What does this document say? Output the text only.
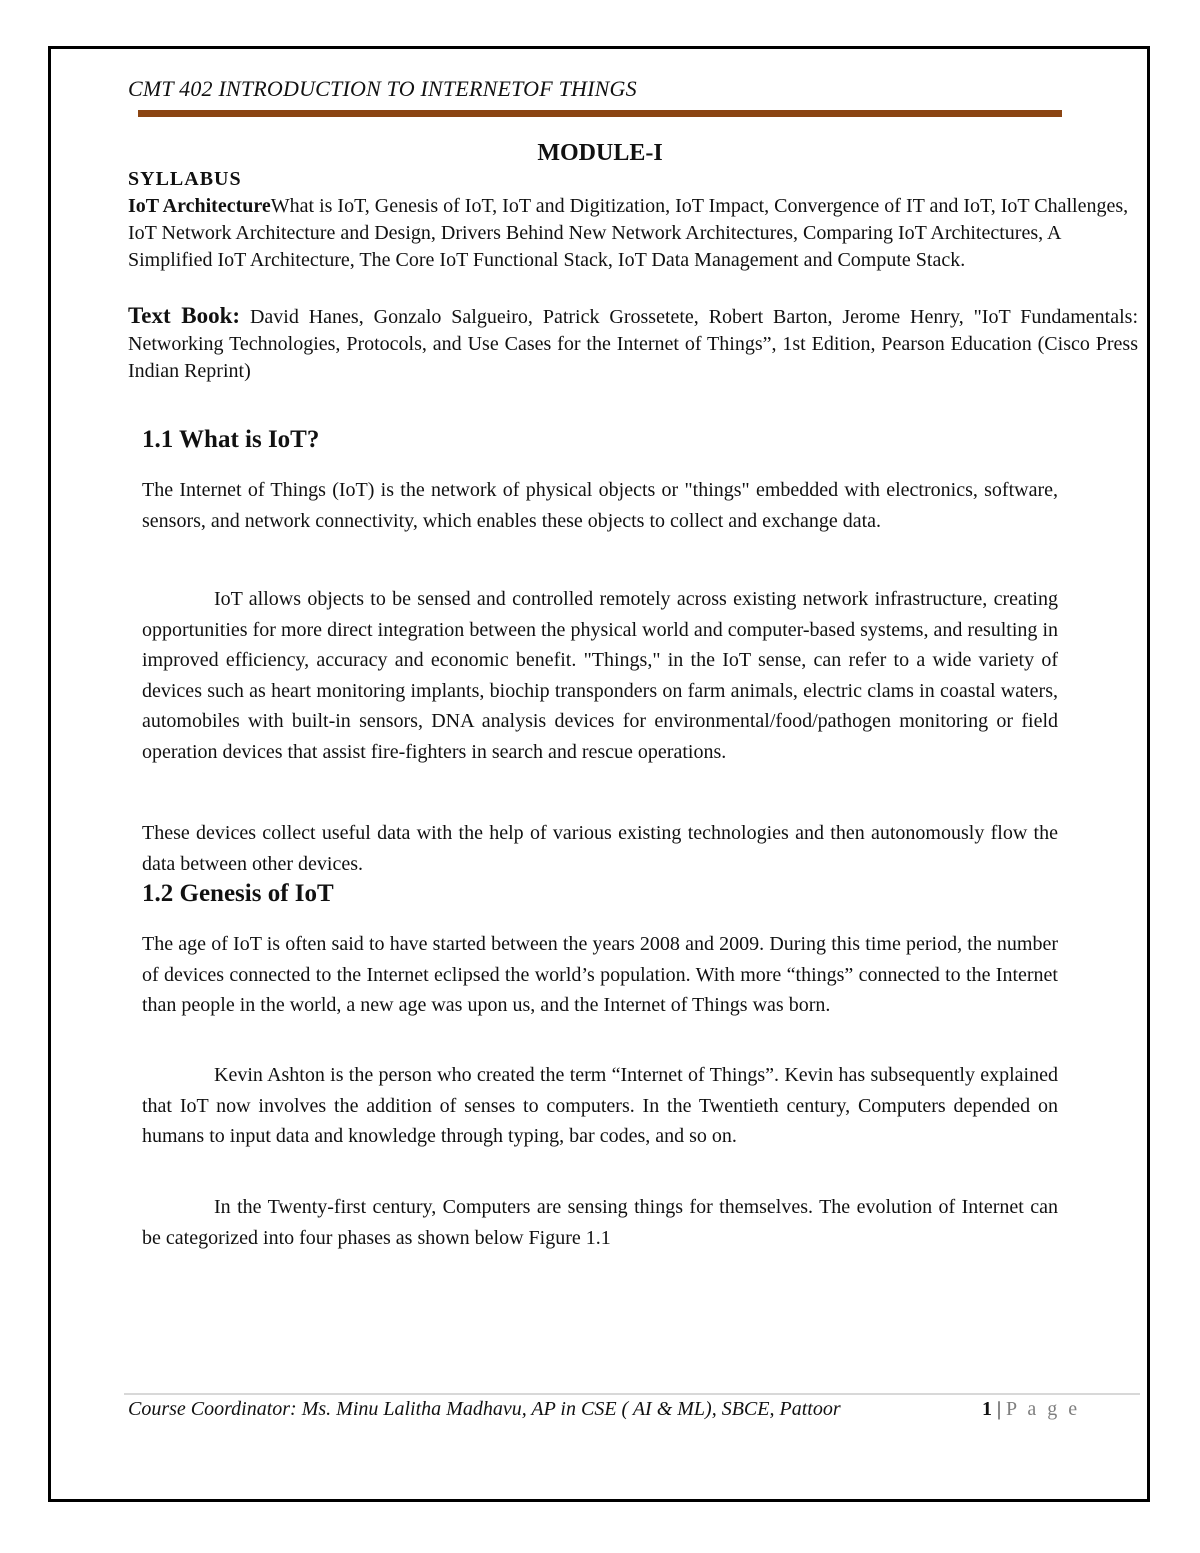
CMT 402 INTRODUCTION TO INTERNETOF THINGS
MODULE-I
SYLLABUS
IoT ArchitectureWhat is IoT, Genesis of IoT, IoT and Digitization, IoT Impact, Convergence of IT and IoT, IoT Challenges, IoT Network Architecture and Design, Drivers Behind New Network Architectures, Comparing IoT Architectures, A Simplified IoT Architecture, The Core IoT Functional Stack, IoT Data Management and Compute Stack.
Text Book: David Hanes, Gonzalo Salgueiro, Patrick Grossetete, Robert Barton, Jerome Henry, "IoT Fundamentals: Networking Technologies, Protocols, and Use Cases for the Internet of Things”, 1st Edition, Pearson Education (Cisco Press Indian Reprint)
1.1 What is IoT?
The Internet of Things (IoT) is the network of physical objects or "things" embedded with electronics, software, sensors, and network connectivity, which enables these objects to collect and exchange data.
IoT allows objects to be sensed and controlled remotely across existing network infrastructure, creating opportunities for more direct integration between the physical world and computer-based systems, and resulting in improved efficiency, accuracy and economic benefit. "Things," in the IoT sense, can refer to a wide variety of devices such as heart monitoring implants, biochip transponders on farm animals, electric clams in coastal waters, automobiles with built-in sensors, DNA analysis devices for environmental/food/pathogen monitoring or field operation devices that assist fire-fighters in search and rescue operations.
These devices collect useful data with the help of various existing technologies and then autonomously flow the data between other devices.
1.2 Genesis of IoT
The age of IoT is often said to have started between the years 2008 and 2009. During this time period, the number of devices connected to the Internet eclipsed the world’s population. With more “things” connected to the Internet than people in the world, a new age was upon us, and the Internet of Things was born.
Kevin Ashton is the person who created the term “Internet of Things”. Kevin has subsequently explained that IoT now involves the addition of senses to computers. In the Twentieth century, Computers depended on humans to input data and knowledge through typing, bar codes, and so on.
In the Twenty-first century, Computers are sensing things for themselves. The evolution of Internet can be categorized into four phases as shown below Figure 1.1
Course Coordinator: Ms. Minu Lalitha Madhavu, AP in CSE ( AI & ML), SBCE, Pattoor	1 | P a g e
